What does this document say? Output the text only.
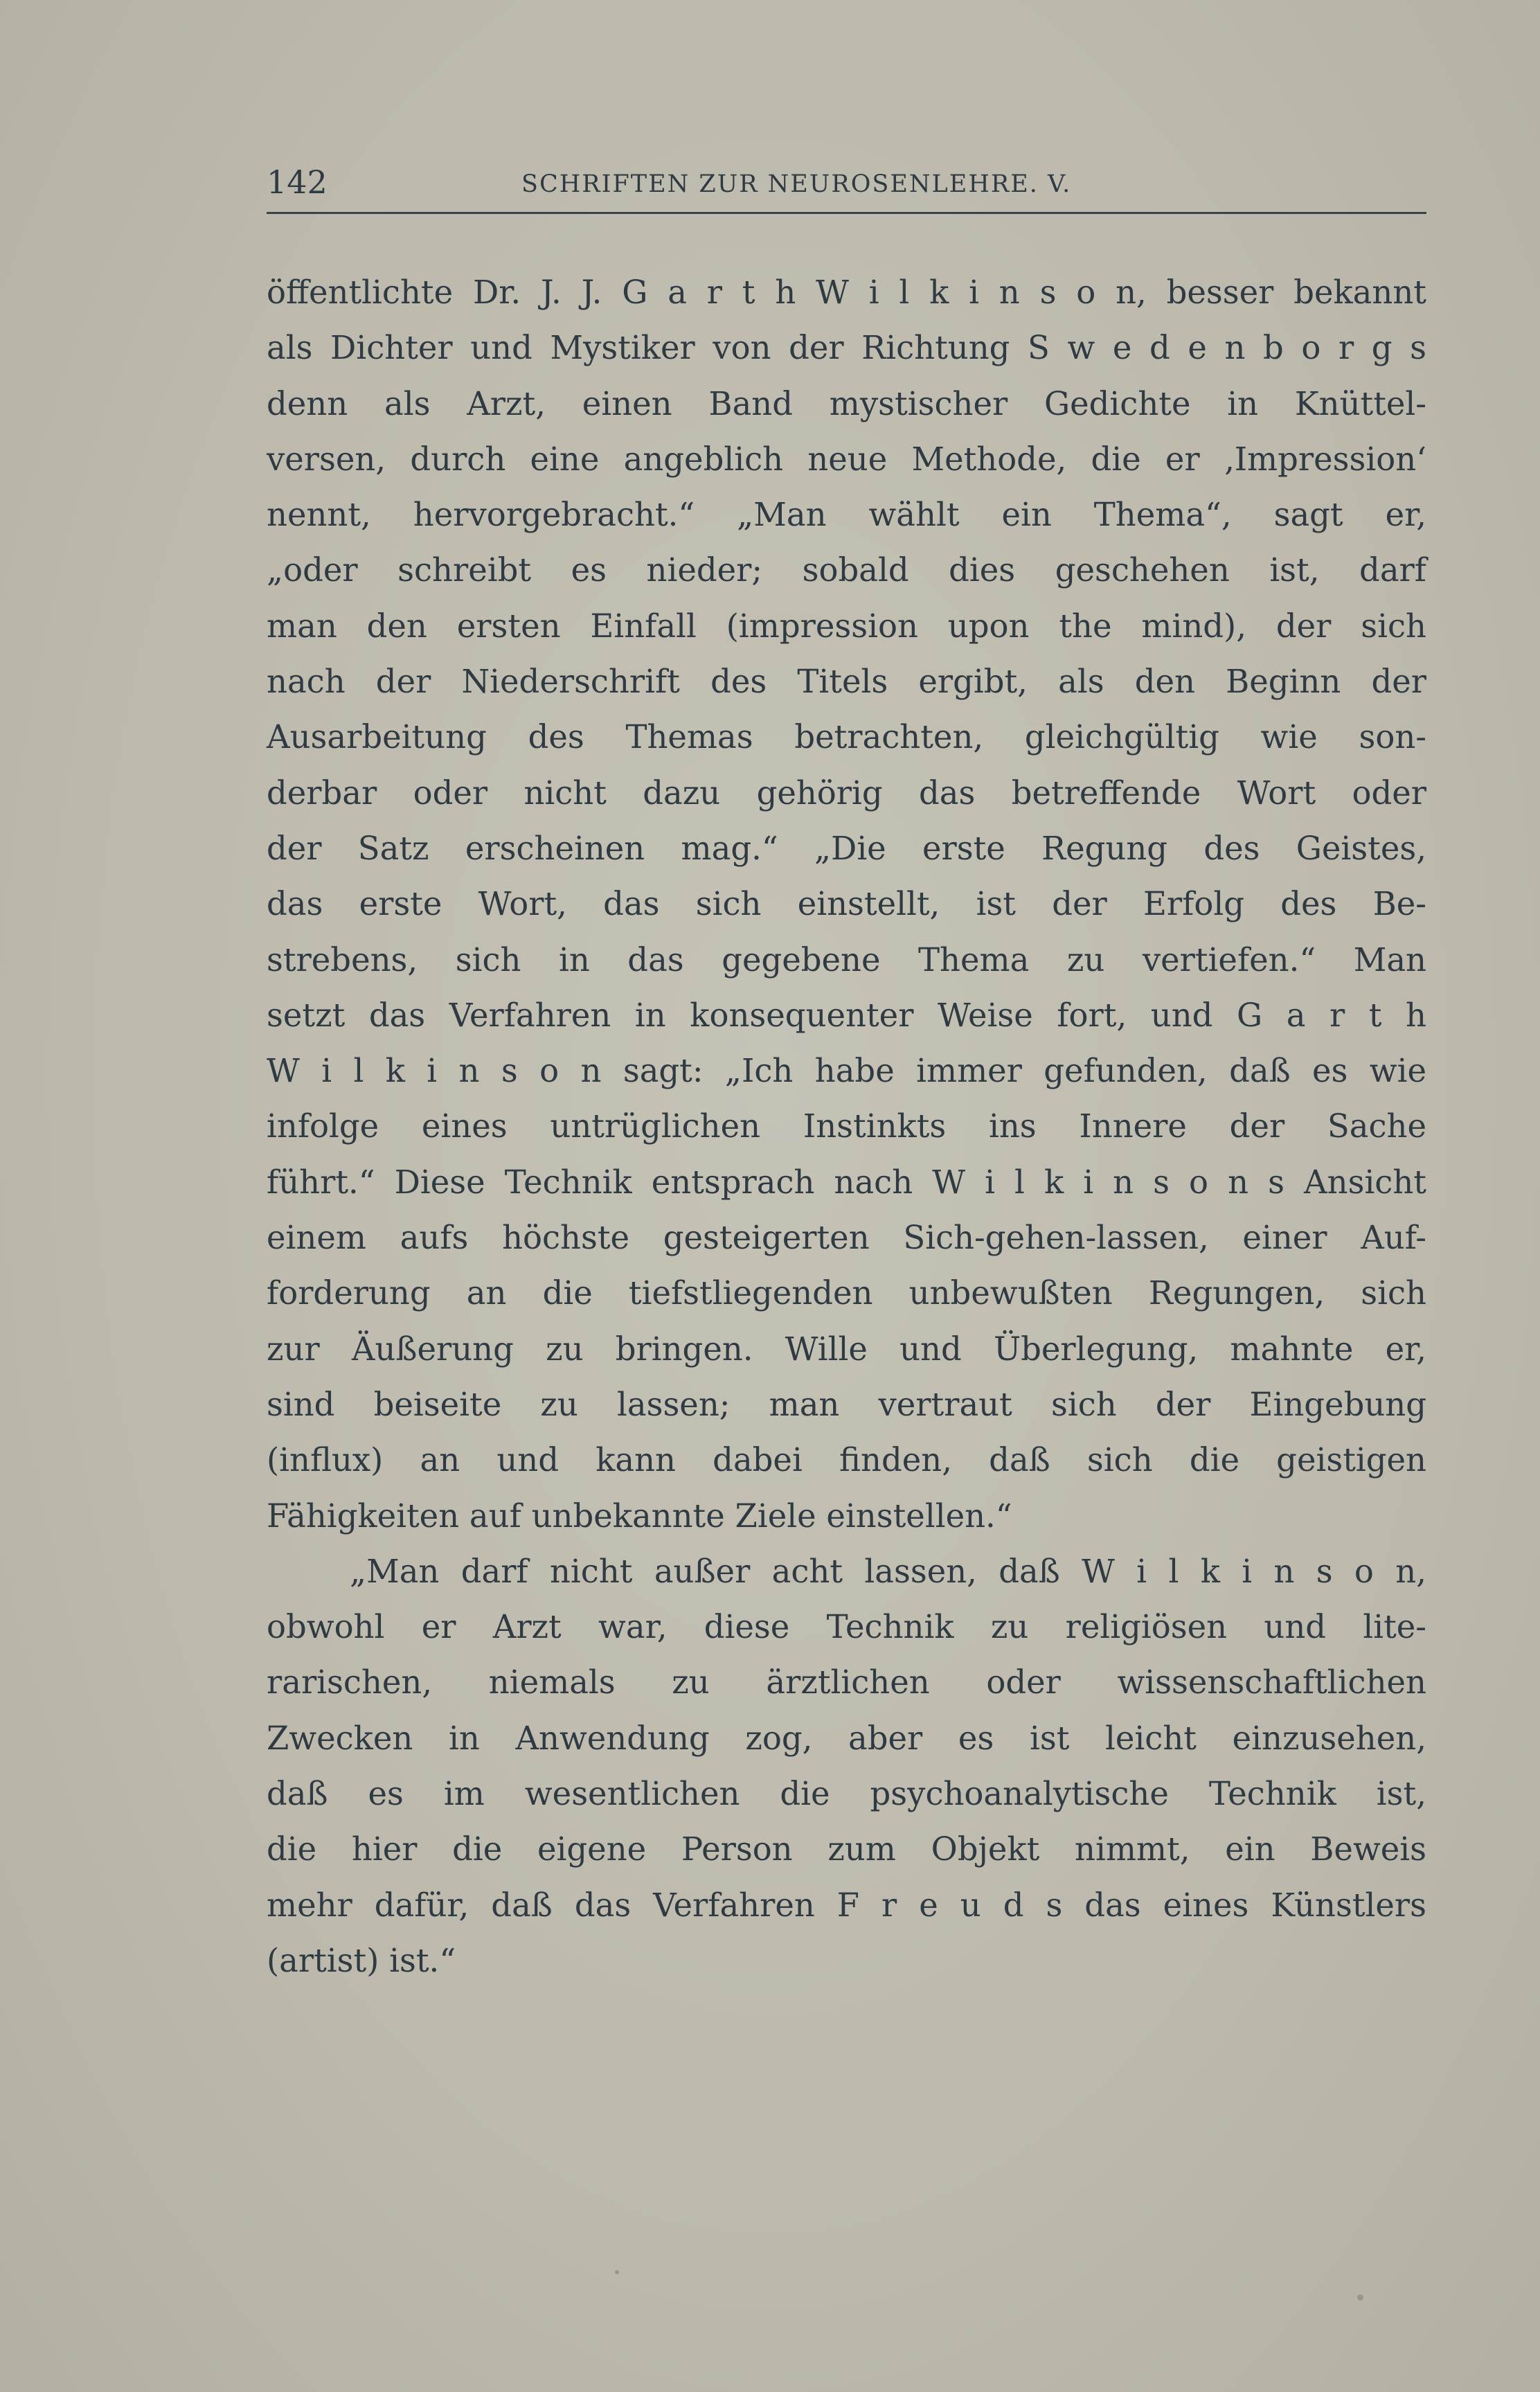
142	SCHRIFTEN ZUR NEUROSENLEHRE. V.
öffentlichte Dr. J. J. G a r t h W i l k i n s o n, besser bekannt
als Dichter und Mystiker von der Richtung S w e d e n b o r g s
denn als Arzt, einen Band mystischer Gedichte in Knüttel-
versen, durch eine angeblich neue Methode, die er ‚Impression‘
nennt, hervorgebracht.“ „Man wählt ein Thema“, sagt er,
„oder schreibt es nieder; sobald dies geschehen ist, darf
man den ersten Einfall (impression upon the mind), der sich
nach der Niederschrift des Titels ergibt, als den Beginn der
Ausarbeitung des Themas betrachten, gleichgültig wie son-
derbar oder nicht dazu gehörig das betreffende Wort oder
der Satz erscheinen mag.“ „Die erste Regung des Geistes,
das erste Wort, das sich einstellt, ist der Erfolg des Be-
strebens, sich in das gegebene Thema zu vertiefen.“ Man
setzt das Verfahren in konsequenter Weise fort, und G a r t h
W i l k i n s o n sagt: „Ich habe immer gefunden, daß es wie
infolge eines untrüglichen Instinkts ins Innere der Sache
führt.“ Diese Technik entsprach nach W i l k i n s o n s Ansicht
einem aufs höchste gesteigerten Sich-gehen-lassen, einer Auf-
forderung an die tiefstliegenden unbewußten Regungen, sich
zur Äußerung zu bringen. Wille und Überlegung, mahnte er,
sind beiseite zu lassen; man vertraut sich der Eingebung
(influx) an und kann dabei finden, daß sich die geistigen
Fähigkeiten auf unbekannte Ziele einstellen.“
„Man darf nicht außer acht lassen, daß W i l k i n s o n,
obwohl er Arzt war, diese Technik zu religiösen und lite-
rarischen, niemals zu ärztlichen oder wissenschaftlichen
Zwecken in Anwendung zog, aber es ist leicht einzusehen,
daß es im wesentlichen die psychoanalytische Technik ist,
die hier die eigene Person zum Objekt nimmt, ein Beweis
mehr dafür, daß das Verfahren F r e u d s das eines Künstlers
(artist) ist.“
